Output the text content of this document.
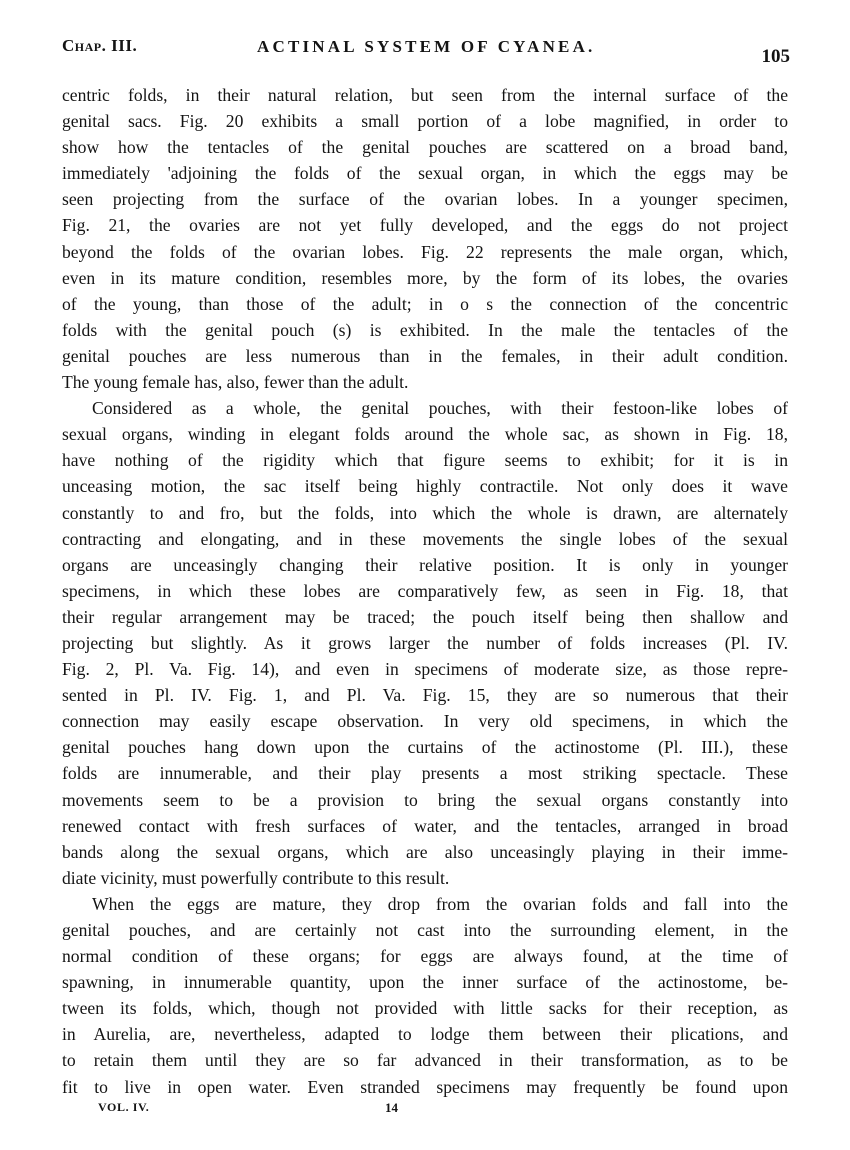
Chap. III.	ACTINAL SYSTEM OF CYANEA.	105
centric folds, in their natural relation, but seen from the internal surface of the
genital sacs. Fig. 20 exhibits a small portion of a lobe magnified, in order to
show how the tentacles of the genital pouches are scattered on a broad band,
immediately 'adjoining the folds of the sexual organ, in which the eggs may be
seen projecting from the surface of the ovarian lobes. In a younger specimen,
Fig. 21, the ovaries are not yet fully developed, and the eggs do not project
beyond the folds of the ovarian lobes. Fig. 22 represents the male organ, which,
even in its mature condition, resembles more, by the form of its lobes, the ovaries
of the young, than those of the adult; in o s the connection of the concentric
folds with the genital pouch (s) is exhibited. In the male the tentacles of the
genital pouches are less numerous than in the females, in their adult condition.
The young female has, also, fewer than the adult.
Considered as a whole, the genital pouches, with their festoon-like lobes of
sexual organs, winding in elegant folds around the whole sac, as shown in Fig. 18,
have nothing of the rigidity which that figure seems to exhibit; for it is in
unceasing motion, the sac itself being highly contractile. Not only does it wave
constantly to and fro, but the folds, into which the whole is drawn, are alternately
contracting and elongating, and in these movements the single lobes of the sexual
organs are unceasingly changing their relative position. It is only in younger
specimens, in which these lobes are comparatively few, as seen in Fig. 18, that
their regular arrangement may be traced; the pouch itself being then shallow and
projecting but slightly. As it grows larger the number of folds increases (Pl. IV.
Fig. 2, Pl. Va. Fig. 14), and even in specimens of moderate size, as those repre-
sented in Pl. IV. Fig. 1, and Pl. Va. Fig. 15, they are so numerous that their
connection may easily escape observation. In very old specimens, in which the
genital pouches hang down upon the curtains of the actinostome (Pl. III.), these
folds are innumerable, and their play presents a most striking spectacle. These
movements seem to be a provision to bring the sexual organs constantly into
renewed contact with fresh surfaces of water, and the tentacles, arranged in broad
bands along the sexual organs, which are also unceasingly playing in their imme-
diate vicinity, must powerfully contribute to this result.
When the eggs are mature, they drop from the ovarian folds and fall into the
genital pouches, and are certainly not cast into the surrounding element, in the
normal condition of these organs; for eggs are always found, at the time of
spawning, in innumerable quantity, upon the inner surface of the actinostome, be-
tween its folds, which, though not provided with little sacks for their reception, as
in Aurelia, are, nevertheless, adapted to lodge them between their plications, and
to retain them until they are so far advanced in their transformation, as to be
fit to live in open water. Even stranded specimens may frequently be found upon
VOL. IV.	14
